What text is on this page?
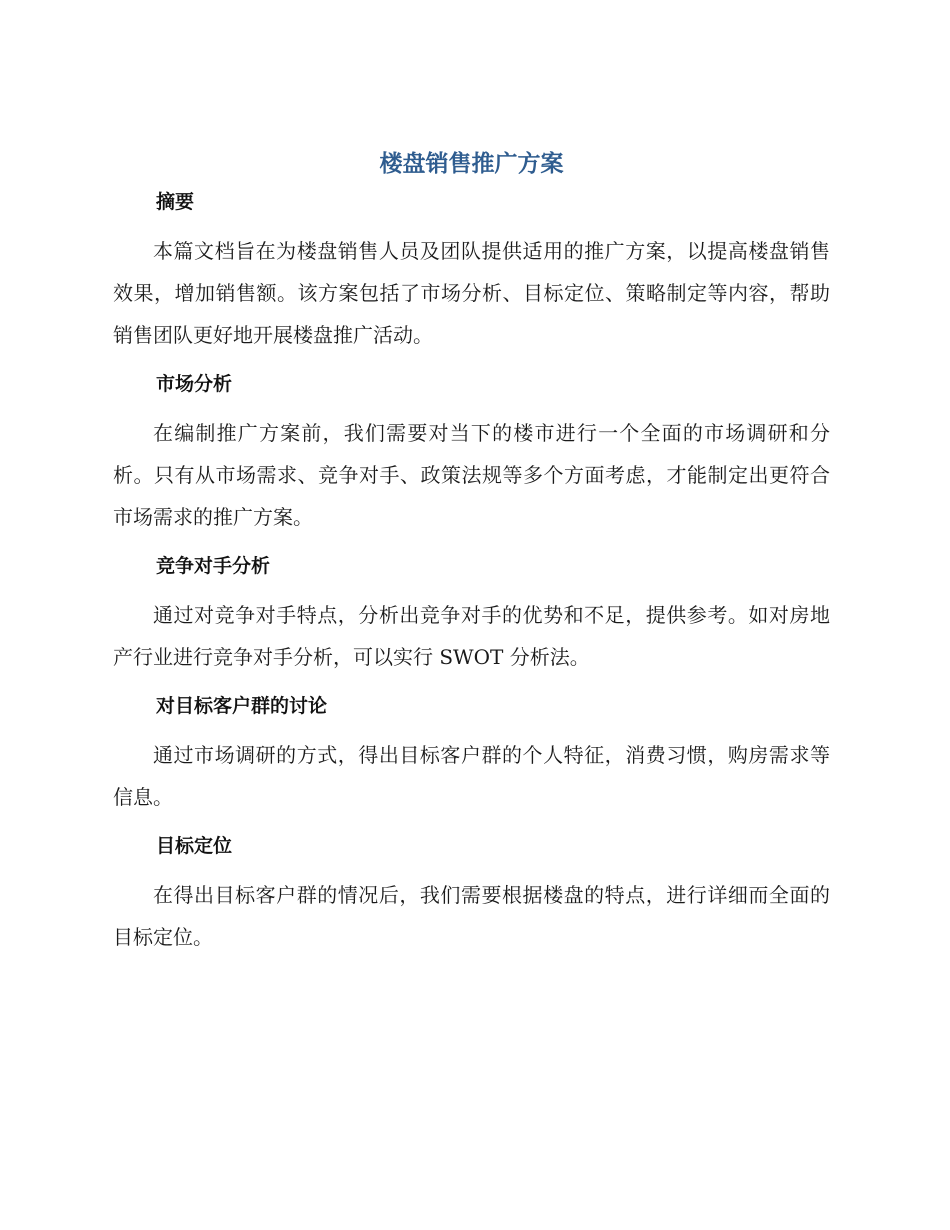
楼盘销售推广方案
摘要

本篇文档旨在为楼盘销售人员及团队提供适用的推广方案，以提高楼盘销售效果，增加销售额。该方案包括了市场分析、目标定位、策略制定等内容，帮助销售团队更好地开展楼盘推广活动。

市场分析

在编制推广方案前，我们需要对当下的楼市进行一个全面的市场调研和分析。只有从市场需求、竞争对手、政策法规等多个方面考虑，才能制定出更符合市场需求的推广方案。

竞争对手分析

通过对竞争对手特点，分析出竞争对手的优势和不足，提供参考。如对房地产行业进行竞争对手分析，可以实行 SWOT 分析法。

对目标客户群的讨论

通过市场调研的方式，得出目标客户群的个人特征，消费习惯，购房需求等信息。

目标定位

在得出目标客户群的情况后，我们需要根据楼盘的特点，进行详细而全面的目标定位。
